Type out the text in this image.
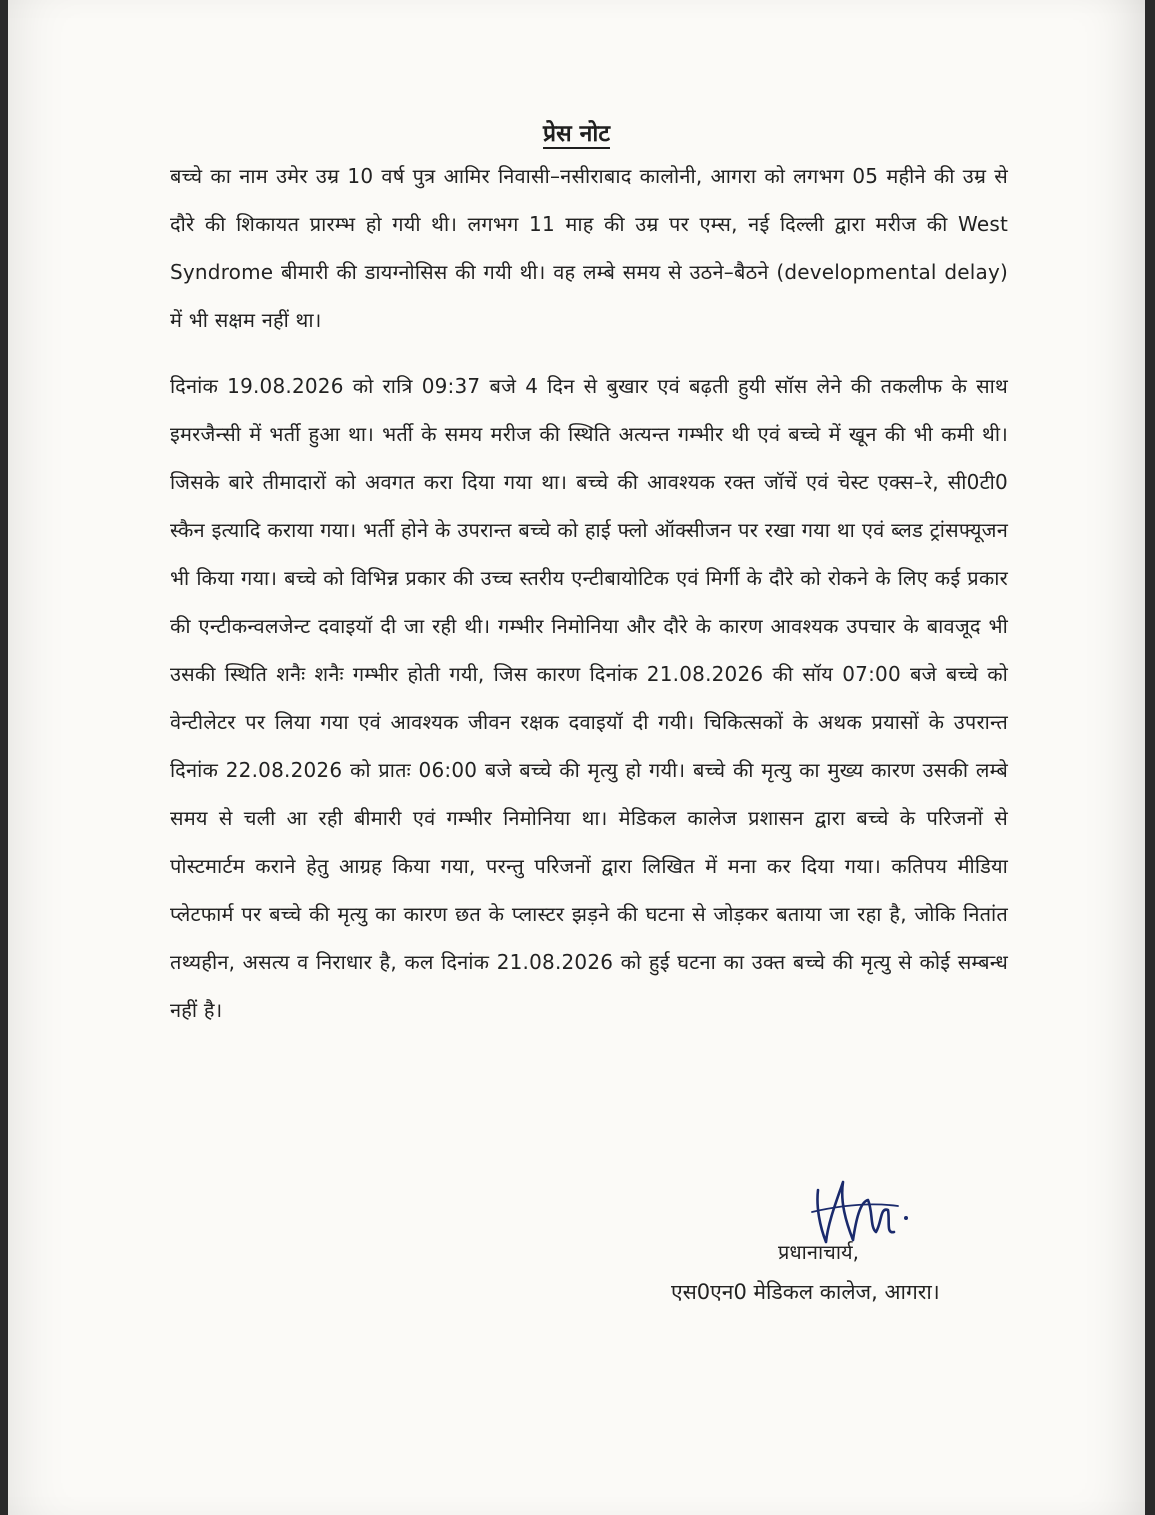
प्रेस नोट

बच्चे का नाम उमेर उम्र 10 वर्ष पुत्र आमिर निवासी–नसीराबाद कालोनी, आगरा को लगभग 05 महीने की उम्र से दौरे की शिकायत प्रारम्भ हो गयी थी। लगभग 11 माह की उम्र पर एम्स, नई दिल्ली द्वारा मरीज की West Syndrome बीमारी की डायग्नोसिस की गयी थी। वह लम्बे समय से उठने–बैठने (developmental delay) में भी सक्षम नहीं था।

दिनांक 19.08.2026 को रात्रि 09:37 बजे 4 दिन से बुखार एवं बढ़ती हुयी सॉस लेने की तकलीफ के साथ इमरजैन्सी में भर्ती हुआ था। भर्ती के समय मरीज की स्थिति अत्यन्त गम्भीर थी एवं बच्चे में खून की भी कमी थी। जिसके बारे तीमादारों को अवगत करा दिया गया था। बच्चे की आवश्यक रक्त जॉचें एवं चेस्ट एक्स–रे, सी0टी0 स्कैन इत्यादि कराया गया। भर्ती होने के उपरान्त बच्चे को हाई फ्लो ऑक्सीजन पर रखा गया था एवं ब्लड ट्रांसफ्यूजन भी किया गया। बच्चे को विभिन्न प्रकार की उच्च स्तरीय एन्टीबायोटिक एवं मिर्गी के दौरे को रोकने के लिए कई प्रकार की एन्टीकन्वलजेन्ट दवाइयॉ दी जा रही थी। गम्भीर निमोनिया और दौरे के कारण आवश्यक उपचार के बावजूद भी उसकी स्थिति शनैः शनैः गम्भीर होती गयी, जिस कारण दिनांक 21.08.2026 की सॉय 07:00 बजे बच्चे को वेन्टीलेटर पर लिया गया एवं आवश्यक जीवन रक्षक दवाइयॉ दी गयी। चिकित्सकों के अथक प्रयासों के उपरान्त दिनांक 22.08.2026 को प्रातः 06:00 बजे बच्चे की मृत्यु हो गयी। बच्चे की मृत्यु का मुख्य कारण उसकी लम्बे समय से चली आ रही बीमारी एवं गम्भीर निमोनिया था। मेडिकल कालेज प्रशासन द्वारा बच्चे के परिजनों से पोस्टमार्टम कराने हेतु आग्रह किया गया, परन्तु परिजनों द्वारा लिखित में मना कर दिया गया। कतिपय मीडिया प्लेटफार्म पर बच्चे की मृत्यु का कारण छत के प्लास्टर झड़ने की घटना से जोड़कर बताया जा रहा है, जोकि नितांत तथ्यहीन, असत्य व निराधार है, कल दिनांक 21.08.2026 को हुई घटना का उक्त बच्चे की मृत्यु से कोई सम्बन्ध नहीं है।

प्रधानाचार्य,

एस0एन0 मेडिकल कालेज, आगरा।
